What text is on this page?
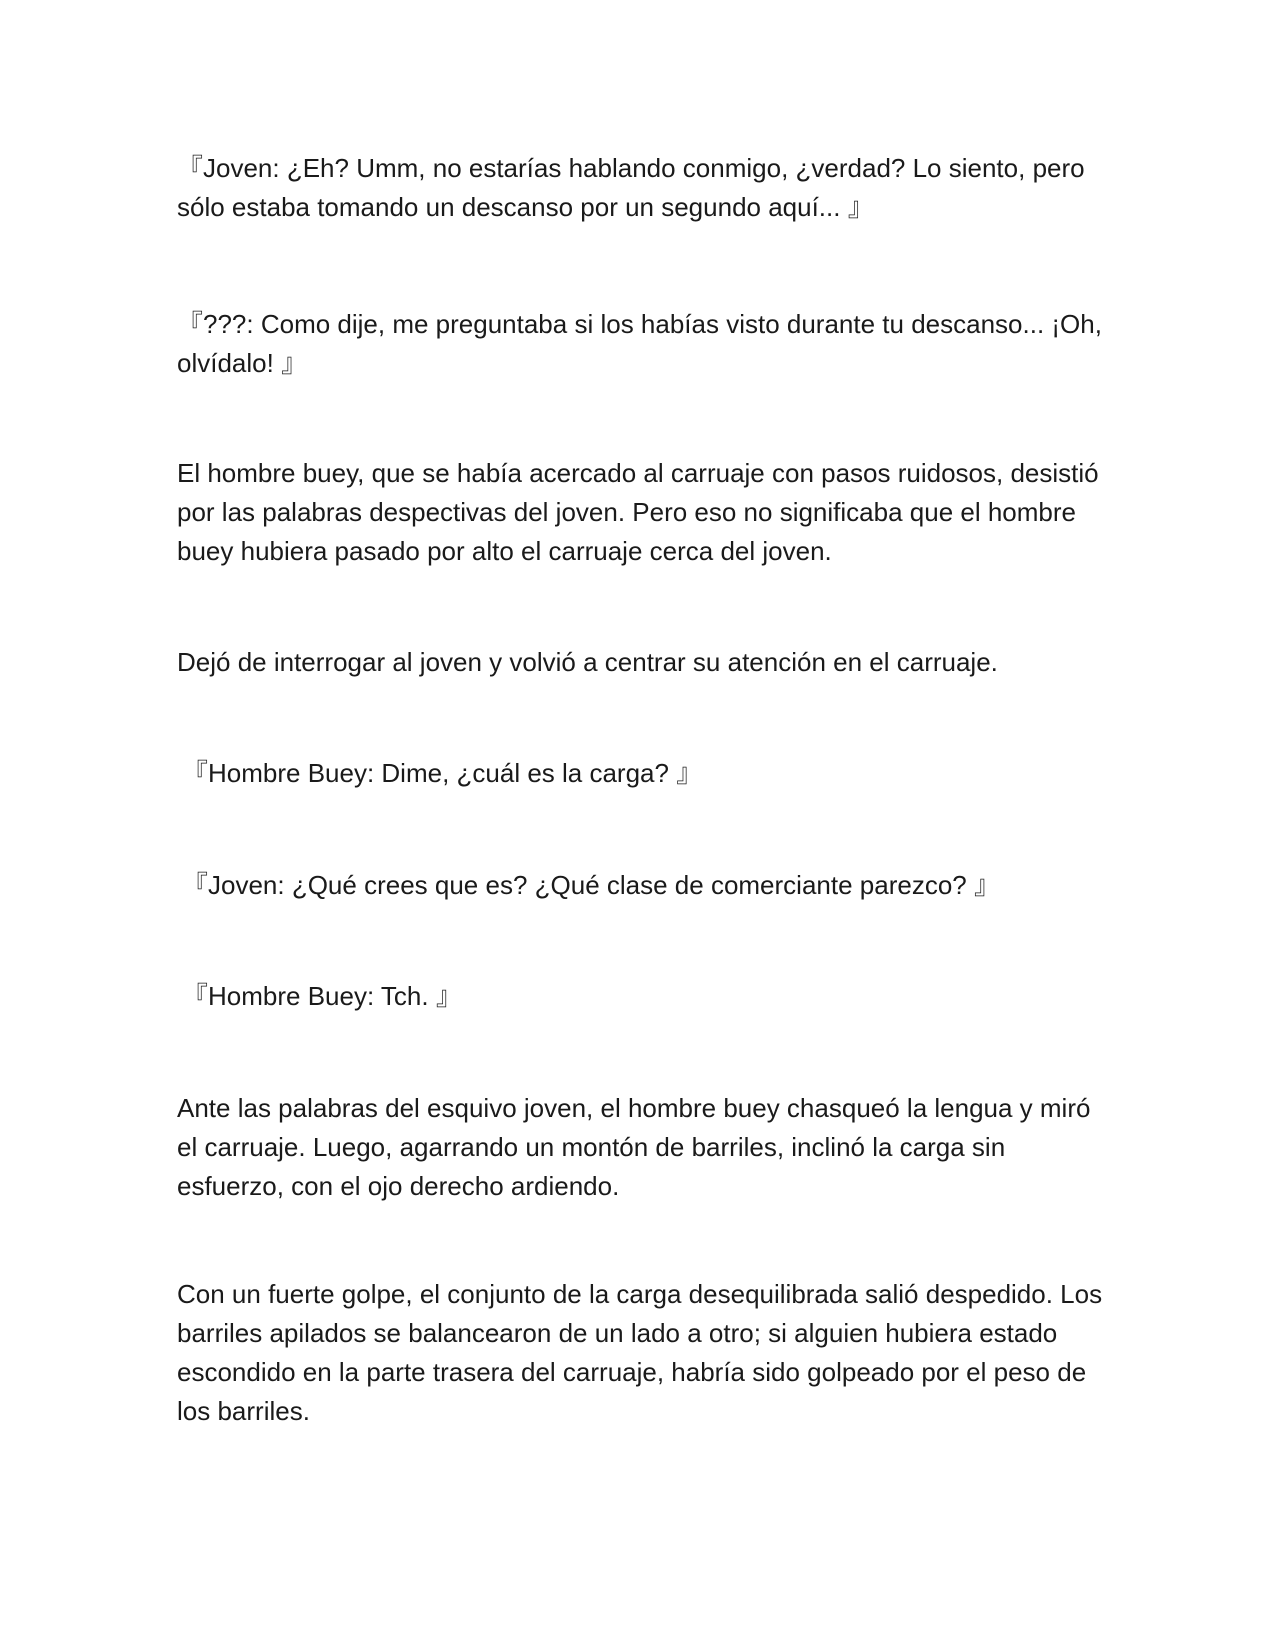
『Joven: ¿Eh? Umm, no estarías hablando conmigo, ¿verdad? Lo siento, pero sólo estaba tomando un descanso por un segundo aquí... 』

『???: Como dije, me preguntaba si los habías visto durante tu descanso... ¡Oh, olvídalo! 』

El hombre buey, que se había acercado al carruaje con pasos ruidosos, desistió por las palabras despectivas del joven. Pero eso no significaba que el hombre buey hubiera pasado por alto el carruaje cerca del joven.

Dejó de interrogar al joven y volvió a centrar su atención en el carruaje.

『Hombre Buey: Dime, ¿cuál es la carga? 』

『Joven: ¿Qué crees que es? ¿Qué clase de comerciante parezco? 』

『Hombre Buey: Tch. 』

Ante las palabras del esquivo joven, el hombre buey chasqueó la lengua y miró el carruaje. Luego, agarrando un montón de barriles, inclinó la carga sin esfuerzo, con el ojo derecho ardiendo.

Con un fuerte golpe, el conjunto de la carga desequilibrada salió despedido. Los barriles apilados se balancearon de un lado a otro; si alguien hubiera estado escondido en la parte trasera del carruaje, habría sido golpeado por el peso de los barriles.
